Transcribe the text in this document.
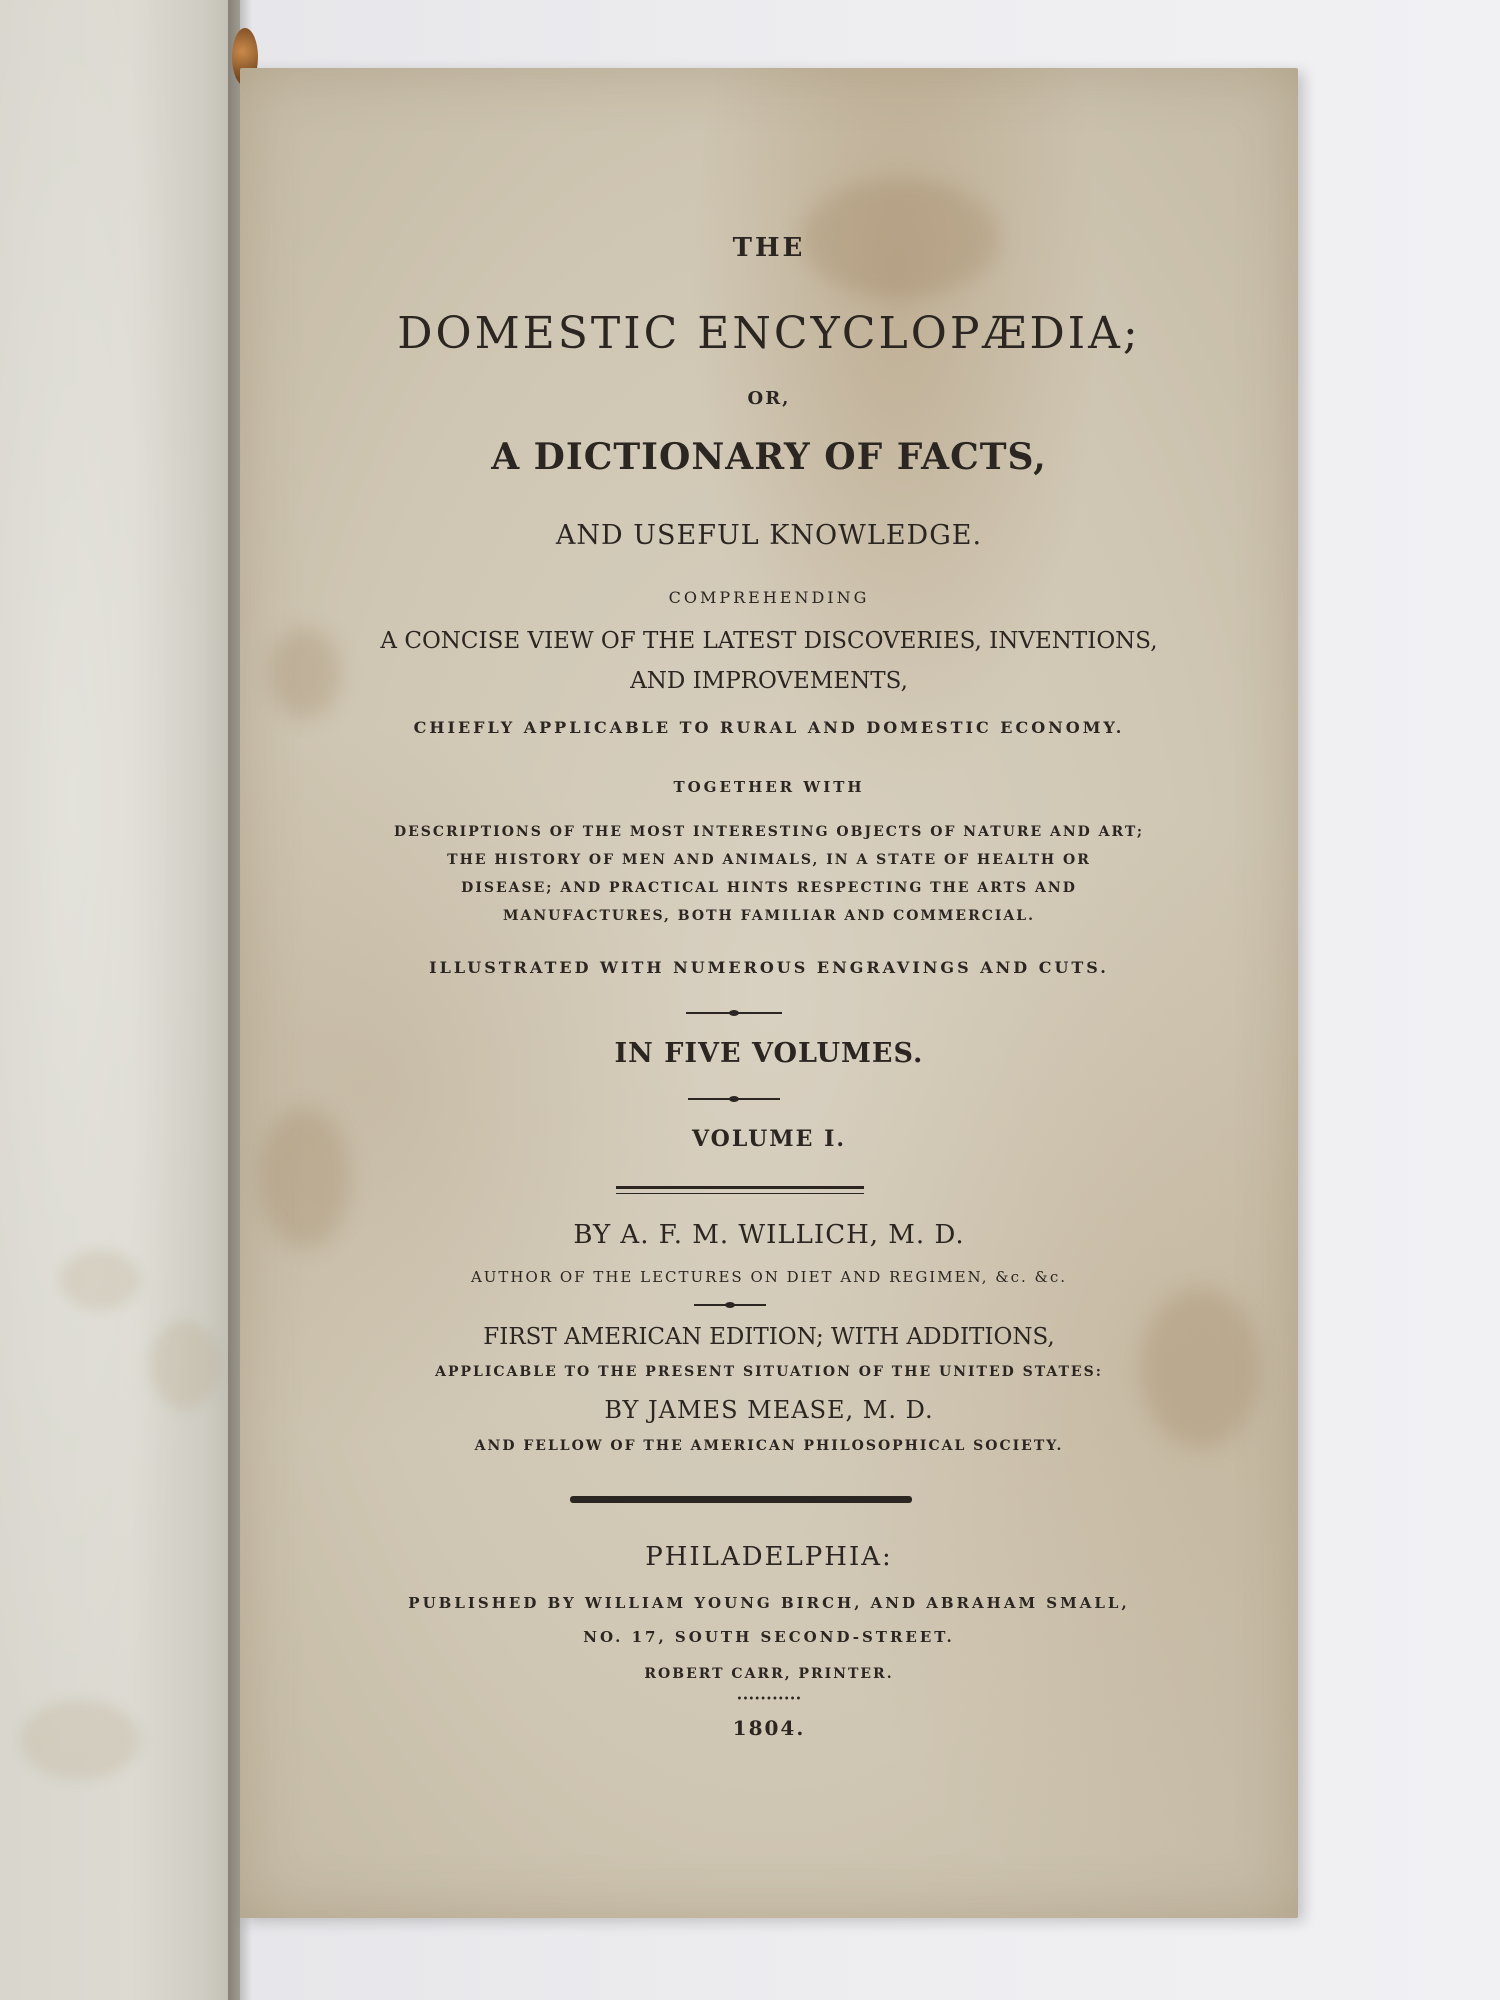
THE
DOMESTIC ENCYCLOPÆDIA;
OR,
A DICTIONARY OF FACTS,
AND USEFUL KNOWLEDGE.
COMPREHENDING
A CONCISE VIEW OF THE LATEST DISCOVERIES, INVENTIONS,
AND IMPROVEMENTS,
CHIEFLY APPLICABLE TO RURAL AND DOMESTIC ECONOMY.
TOGETHER WITH
DESCRIPTIONS OF THE MOST INTERESTING OBJECTS OF NATURE AND ART;
THE HISTORY OF MEN AND ANIMALS, IN A STATE OF HEALTH OR
DISEASE; AND PRACTICAL HINTS RESPECTING THE ARTS AND
MANUFACTURES, BOTH FAMILIAR AND COMMERCIAL.
ILLUSTRATED WITH NUMEROUS ENGRAVINGS AND CUTS.
IN FIVE VOLUMES.
VOLUME I.
BY A. F. M. WILLICH, M. D.
AUTHOR OF THE LECTURES ON DIET AND REGIMEN, &c. &c.
FIRST AMERICAN EDITION; WITH ADDITIONS,
APPLICABLE TO THE PRESENT SITUATION OF THE UNITED STATES:
BY JAMES MEASE, M. D.
AND FELLOW OF THE AMERICAN PHILOSOPHICAL SOCIETY.
PHILADELPHIA:
PUBLISHED BY WILLIAM YOUNG BIRCH, AND ABRAHAM SMALL,
NO. 17, SOUTH SECOND-STREET.
ROBERT CARR, PRINTER.
•••••••••••
1804.
